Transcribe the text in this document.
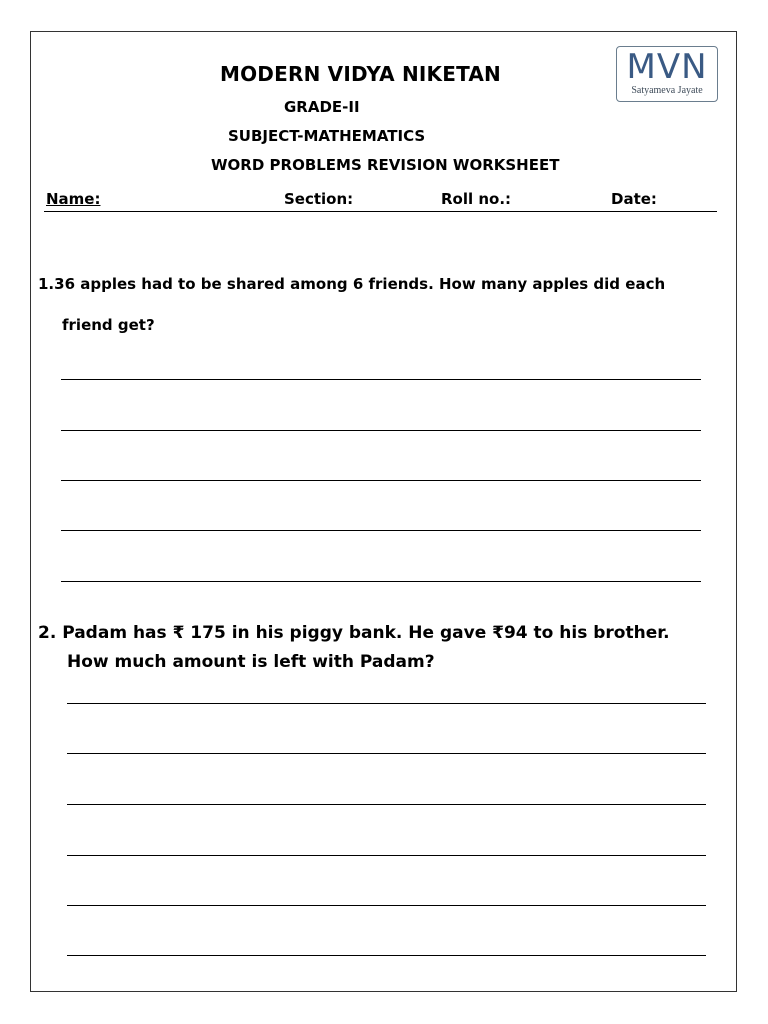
MODERN VIDYA NIKETAN
GRADE-II
SUBJECT-MATHEMATICS
WORD PROBLEMS REVISION WORKSHEET
MVN
Satyameva Jayate
Name:	Section:	Roll no.:	Date:
1.36 apples had to be shared among 6 friends. How many apples did each
friend get?
2. Padam has ₹ 175 in his piggy bank. He gave ₹94 to his brother.
How much amount is left with Padam?
